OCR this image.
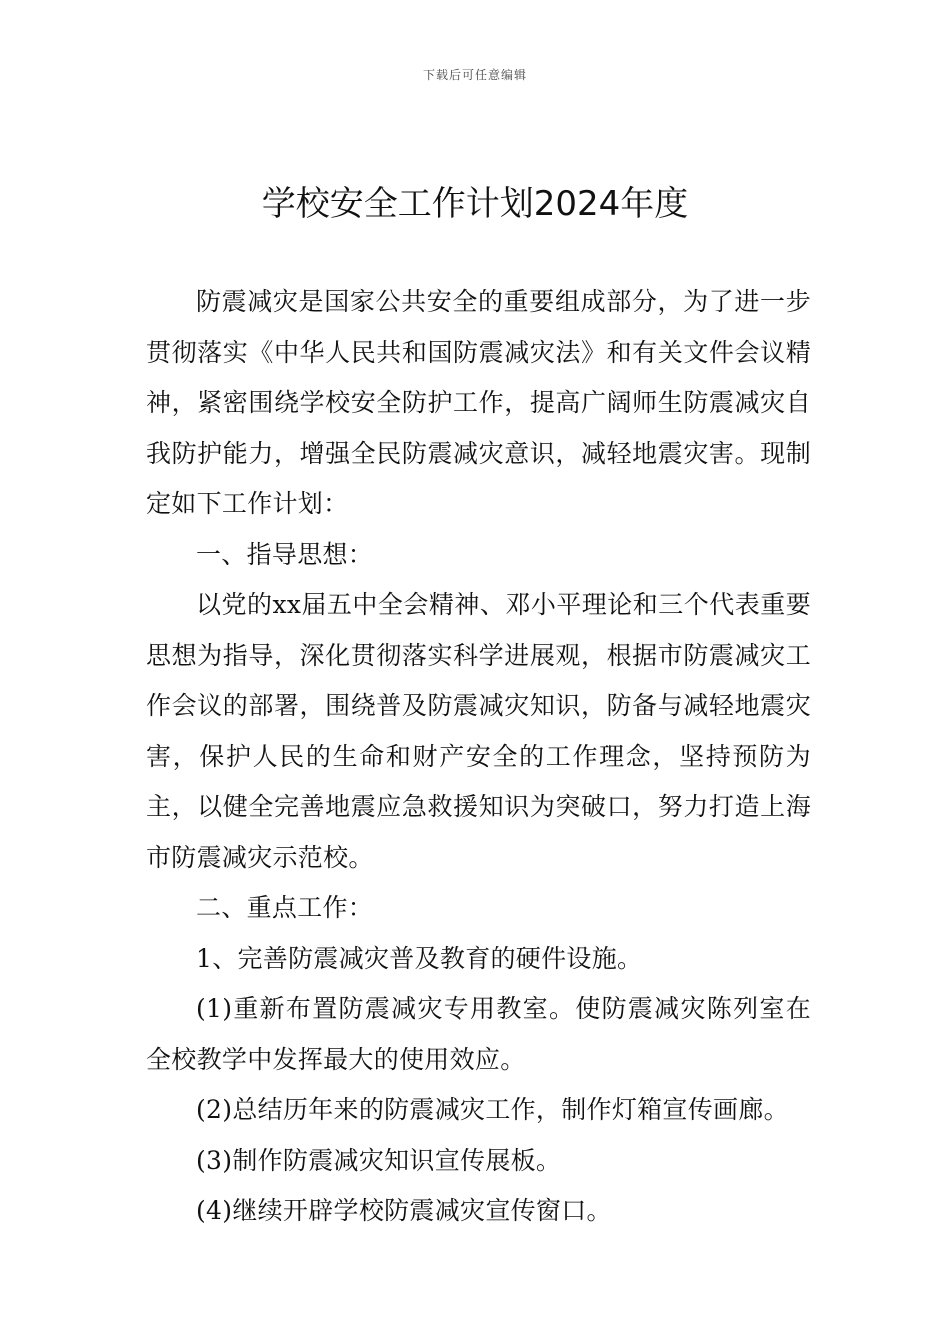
下载后可任意编辑
学校安全工作计划2024年度

防震减灾是国家公共安全的重要组成部分，为了进一步贯彻落实《中华人民共和国防震减灾法》和有关文件会议精神，紧密围绕学校安全防护工作，提高广阔师生防震减灾自我防护能力，增强全民防震减灾意识，减轻地震灾害。现制定如下工作计划：

一、指导思想：

以党的xx届五中全会精神、邓小平理论和三个代表重要思想为指导，深化贯彻落实科学进展观，根据市防震减灾工作会议的部署，围绕普及防震减灾知识，防备与减轻地震灾害，保护人民的生命和财产安全的工作理念，坚持预防为主，以健全完善地震应急救援知识为突破口，努力打造上海市防震减灾示范校。

二、重点工作：

1、完善防震减灾普及教育的硬件设施。

(1)重新布置防震减灾专用教室。使防震减灾陈列室在全校教学中发挥最大的使用效应。

(2)总结历年来的防震减灾工作，制作灯箱宣传画廊。

(3)制作防震减灾知识宣传展板。

(4)继续开辟学校防震减灾宣传窗口。
